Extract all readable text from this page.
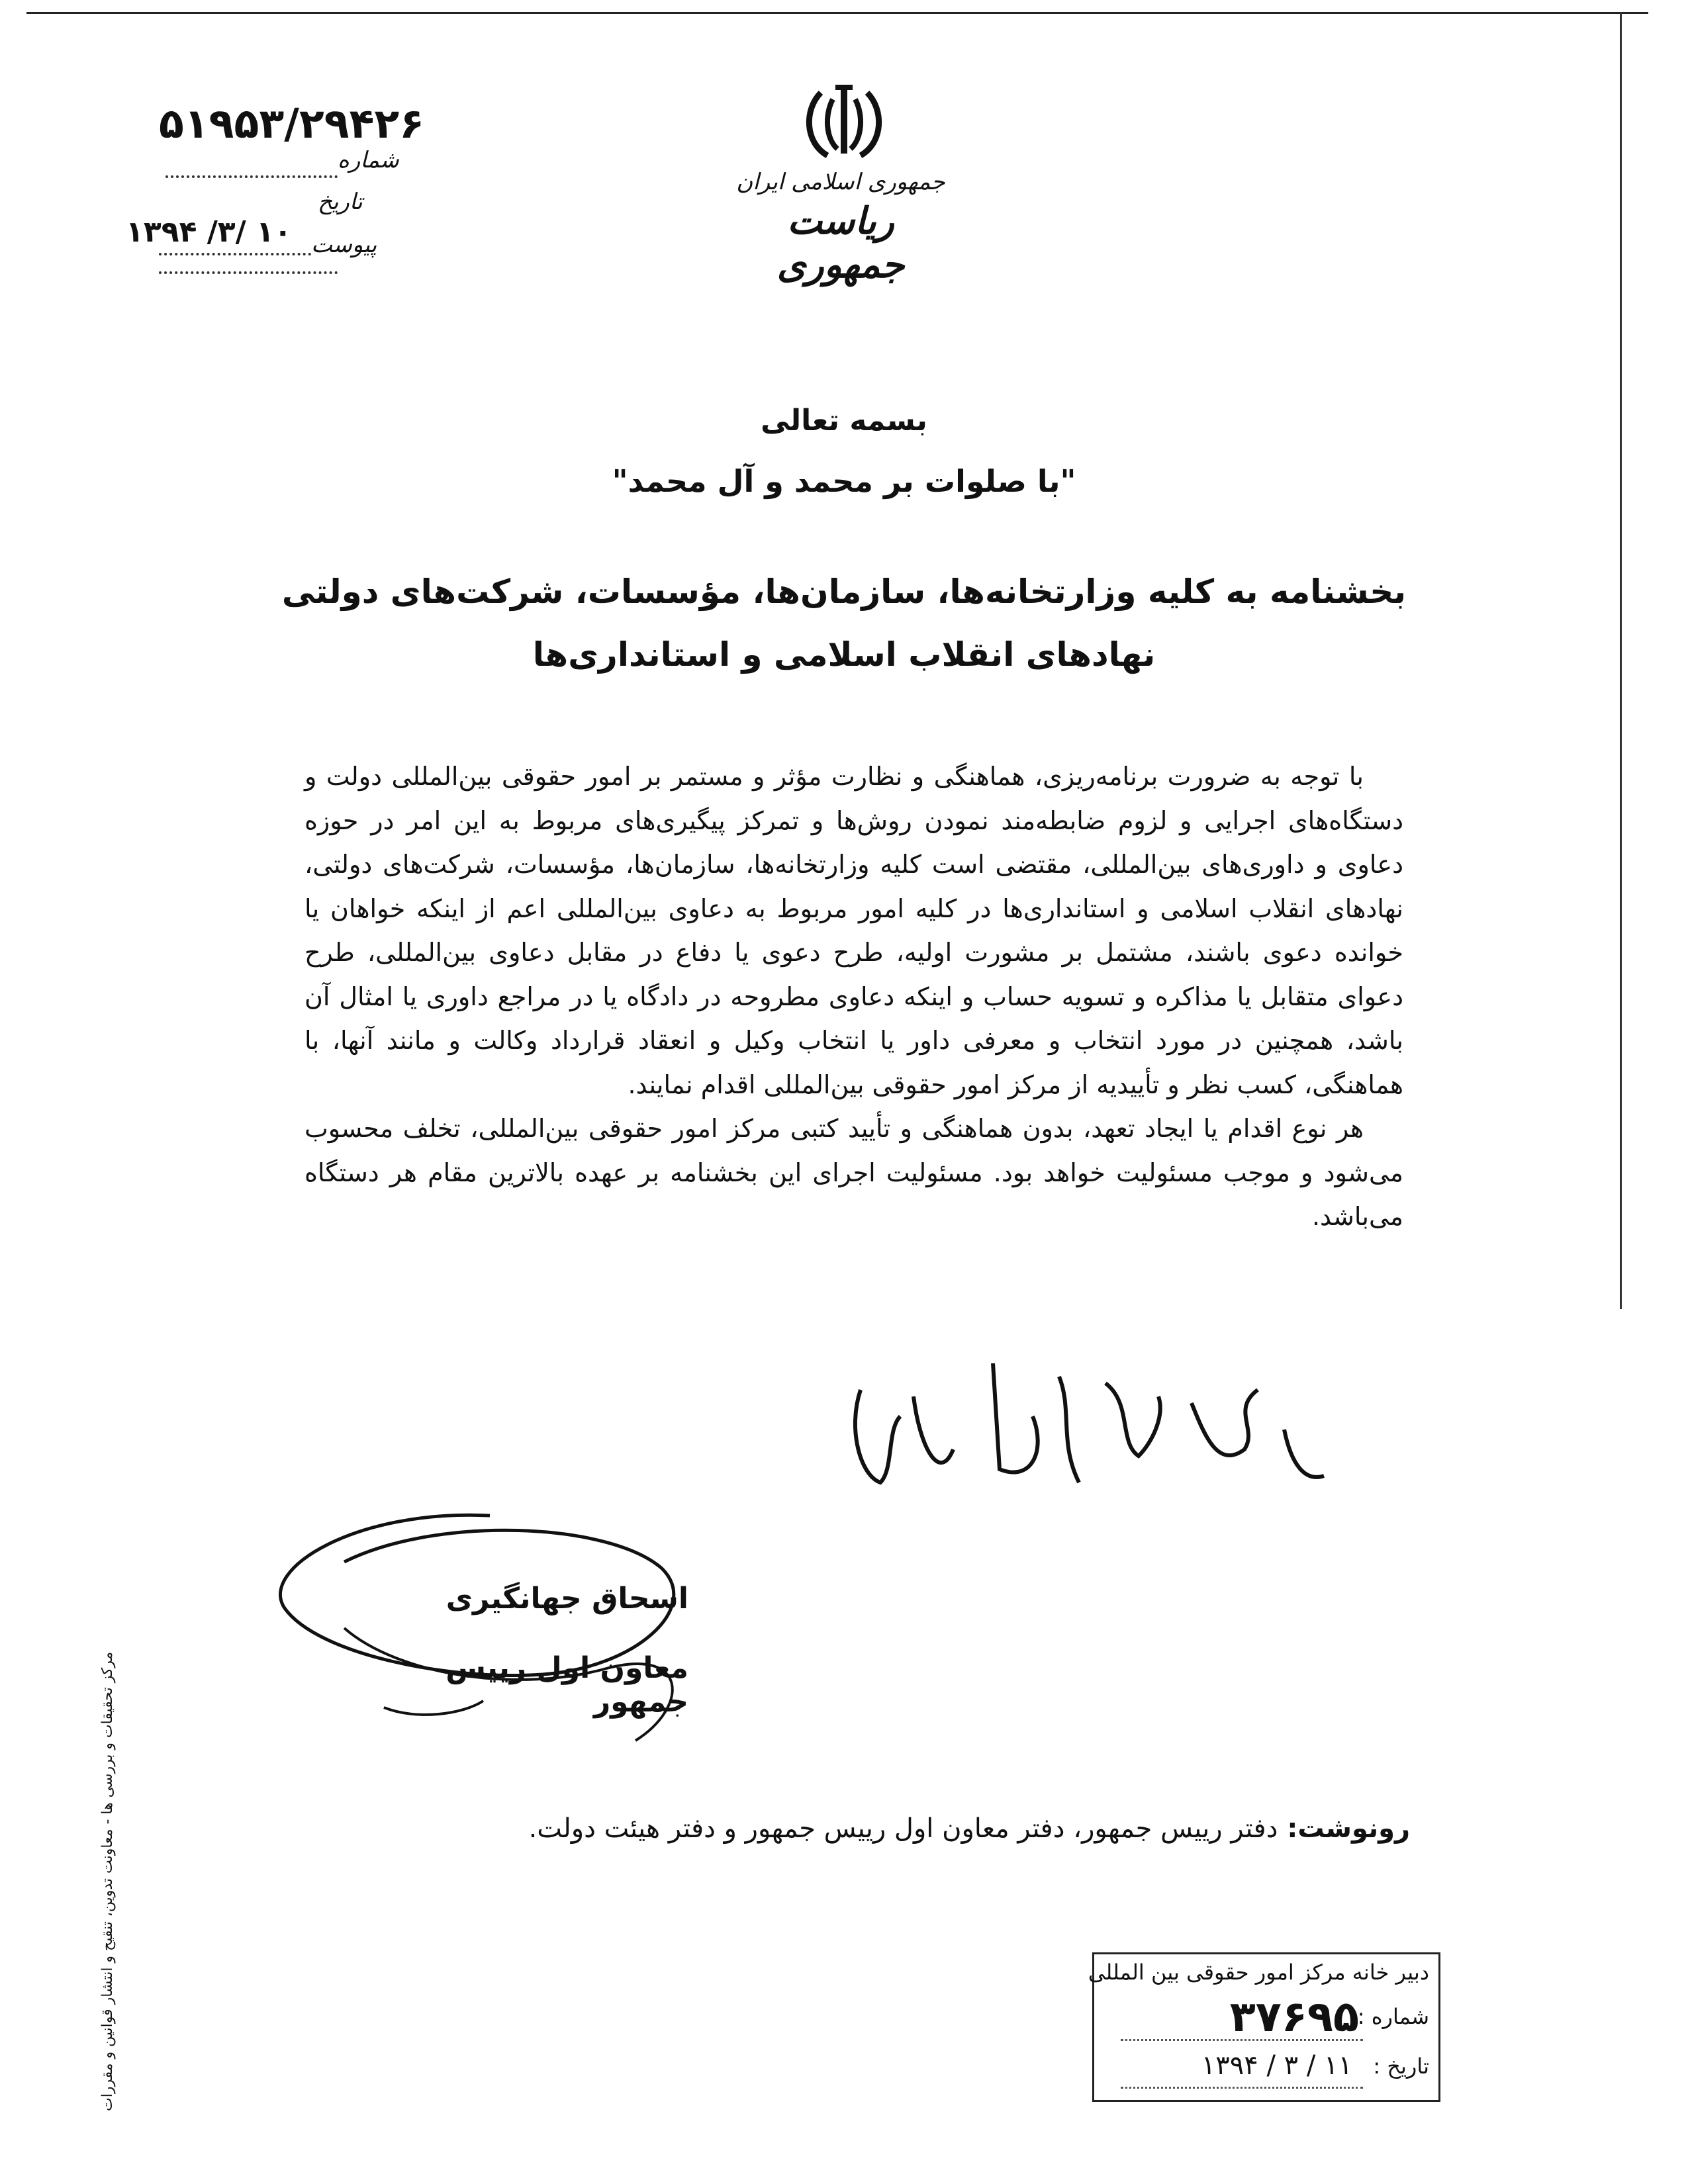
۵۱۹۵۳/۲۹۴۲۶
شماره
تاریخ
۱۳۹۴ /۳/ ۱۰ پیوست
جمهوری اسلامی ایران
ریاست جمهوری
بسمه تعالی
"با صلوات بر محمد و آل محمد"
بخشنامه به کلیه وزارتخانه‌ها، سازمان‌ها، مؤسسات، شرکت‌های دولتی
نهادهای انقلاب اسلامی و استانداری‌ها

با توجه به ضرورت برنامه‌ریزی، هماهنگی و نظارت مؤثر و مستمر بر امور حقوقی بین‌المللی دولت و دستگاه‌های اجرایی و لزوم ضابطه‌مند نمودن روش‌ها و تمرکز پیگیری‌های مربوط به این امر در حوزه دعاوی و داوری‌های بین‌المللی، مقتضی است کلیه وزارتخانه‌ها، سازمان‌ها، مؤسسات، شرکت‌های دولتی، نهادهای انقلاب اسلامی و استانداری‌ها در کلیه امور مربوط به دعاوی بین‌المللی اعم از اینکه خواهان یا خوانده دعوی باشند، مشتمل بر مشورت اولیه، طرح دعوی یا دفاع در مقابل دعاوی بین‌المللی، طرح دعوای متقابل یا مذاکره و تسویه حساب و اینکه دعاوی مطروحه در دادگاه یا در مراجع داوری یا امثال آن باشد، همچنین در مورد انتخاب و معرفی داور یا انتخاب وکیل و انعقاد قرارداد وکالت و مانند آنها، با هماهنگی، کسب نظر و تأییدیه از مرکز امور حقوقی بین‌المللی اقدام نمایند.

هر نوع اقدام یا ایجاد تعهد، بدون هماهنگی و تأیید کتبی مرکز امور حقوقی بین‌المللی، تخلف محسوب می‌شود و موجب مسئولیت خواهد بود. مسئولیت اجرای این بخشنامه بر عهده بالاترین مقام هر دستگاه می‌باشد.

اسحاق جهانگیری
معاون اول رییس جمهور
رونوشت: دفتر رییس جمهور، دفتر معاون اول رییس جمهور و دفتر هیئت دولت.
مرکز تحقیقات و بررسی ها - معاونت تدوین، تنقیح و انتشار قوانین و مقررات	دبیر خانه مرکز امور حقوقی بین المللی
شماره :
۳۷۶۹۵
تاریخ :
۱۳۹۴ / ۳ / ۱۱
